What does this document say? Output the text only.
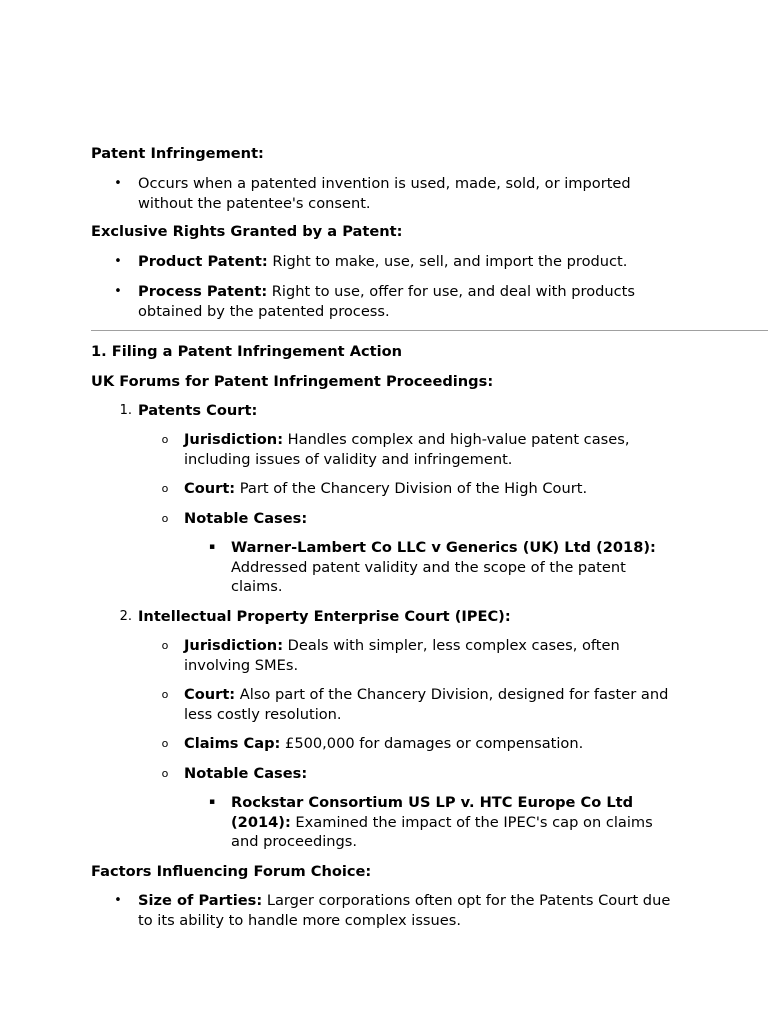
Patent Infringement:
• Occurs when a patented invention is used, made, sold, or imported without the patentee's consent.
Exclusive Rights Granted by a Patent:
• Product Patent: Right to make, use, sell, and import the product.
• Process Patent: Right to use, offer for use, and deal with products obtained by the patented process.
1. Filing a Patent Infringement Action
UK Forums for Patent Infringement Proceedings:
1. Patents Court:
o	Jurisdiction: Handles complex and high-value patent cases, including issues of validity and infringement.
o	Court: Part of the Chancery Division of the High Court.
o	Notable Cases:
▪	Warner-Lambert Co LLC v Generics (UK) Ltd (2018): Addressed patent validity and the scope of the patent claims.
2. Intellectual Property Enterprise Court (IPEC):
o	Jurisdiction: Deals with simpler, less complex cases, often involving SMEs.
o	Court: Also part of the Chancery Division, designed for faster and less costly resolution.
o	Claims Cap: £500,000 for damages or compensation.
o	Notable Cases:
▪	Rockstar Consortium US LP v. HTC Europe Co Ltd (2014): Examined the impact of the IPEC's cap on claims and proceedings.
Factors Influencing Forum Choice:
• Size of Parties: Larger corporations often opt for the Patents Court due to its ability to handle more complex issues.
